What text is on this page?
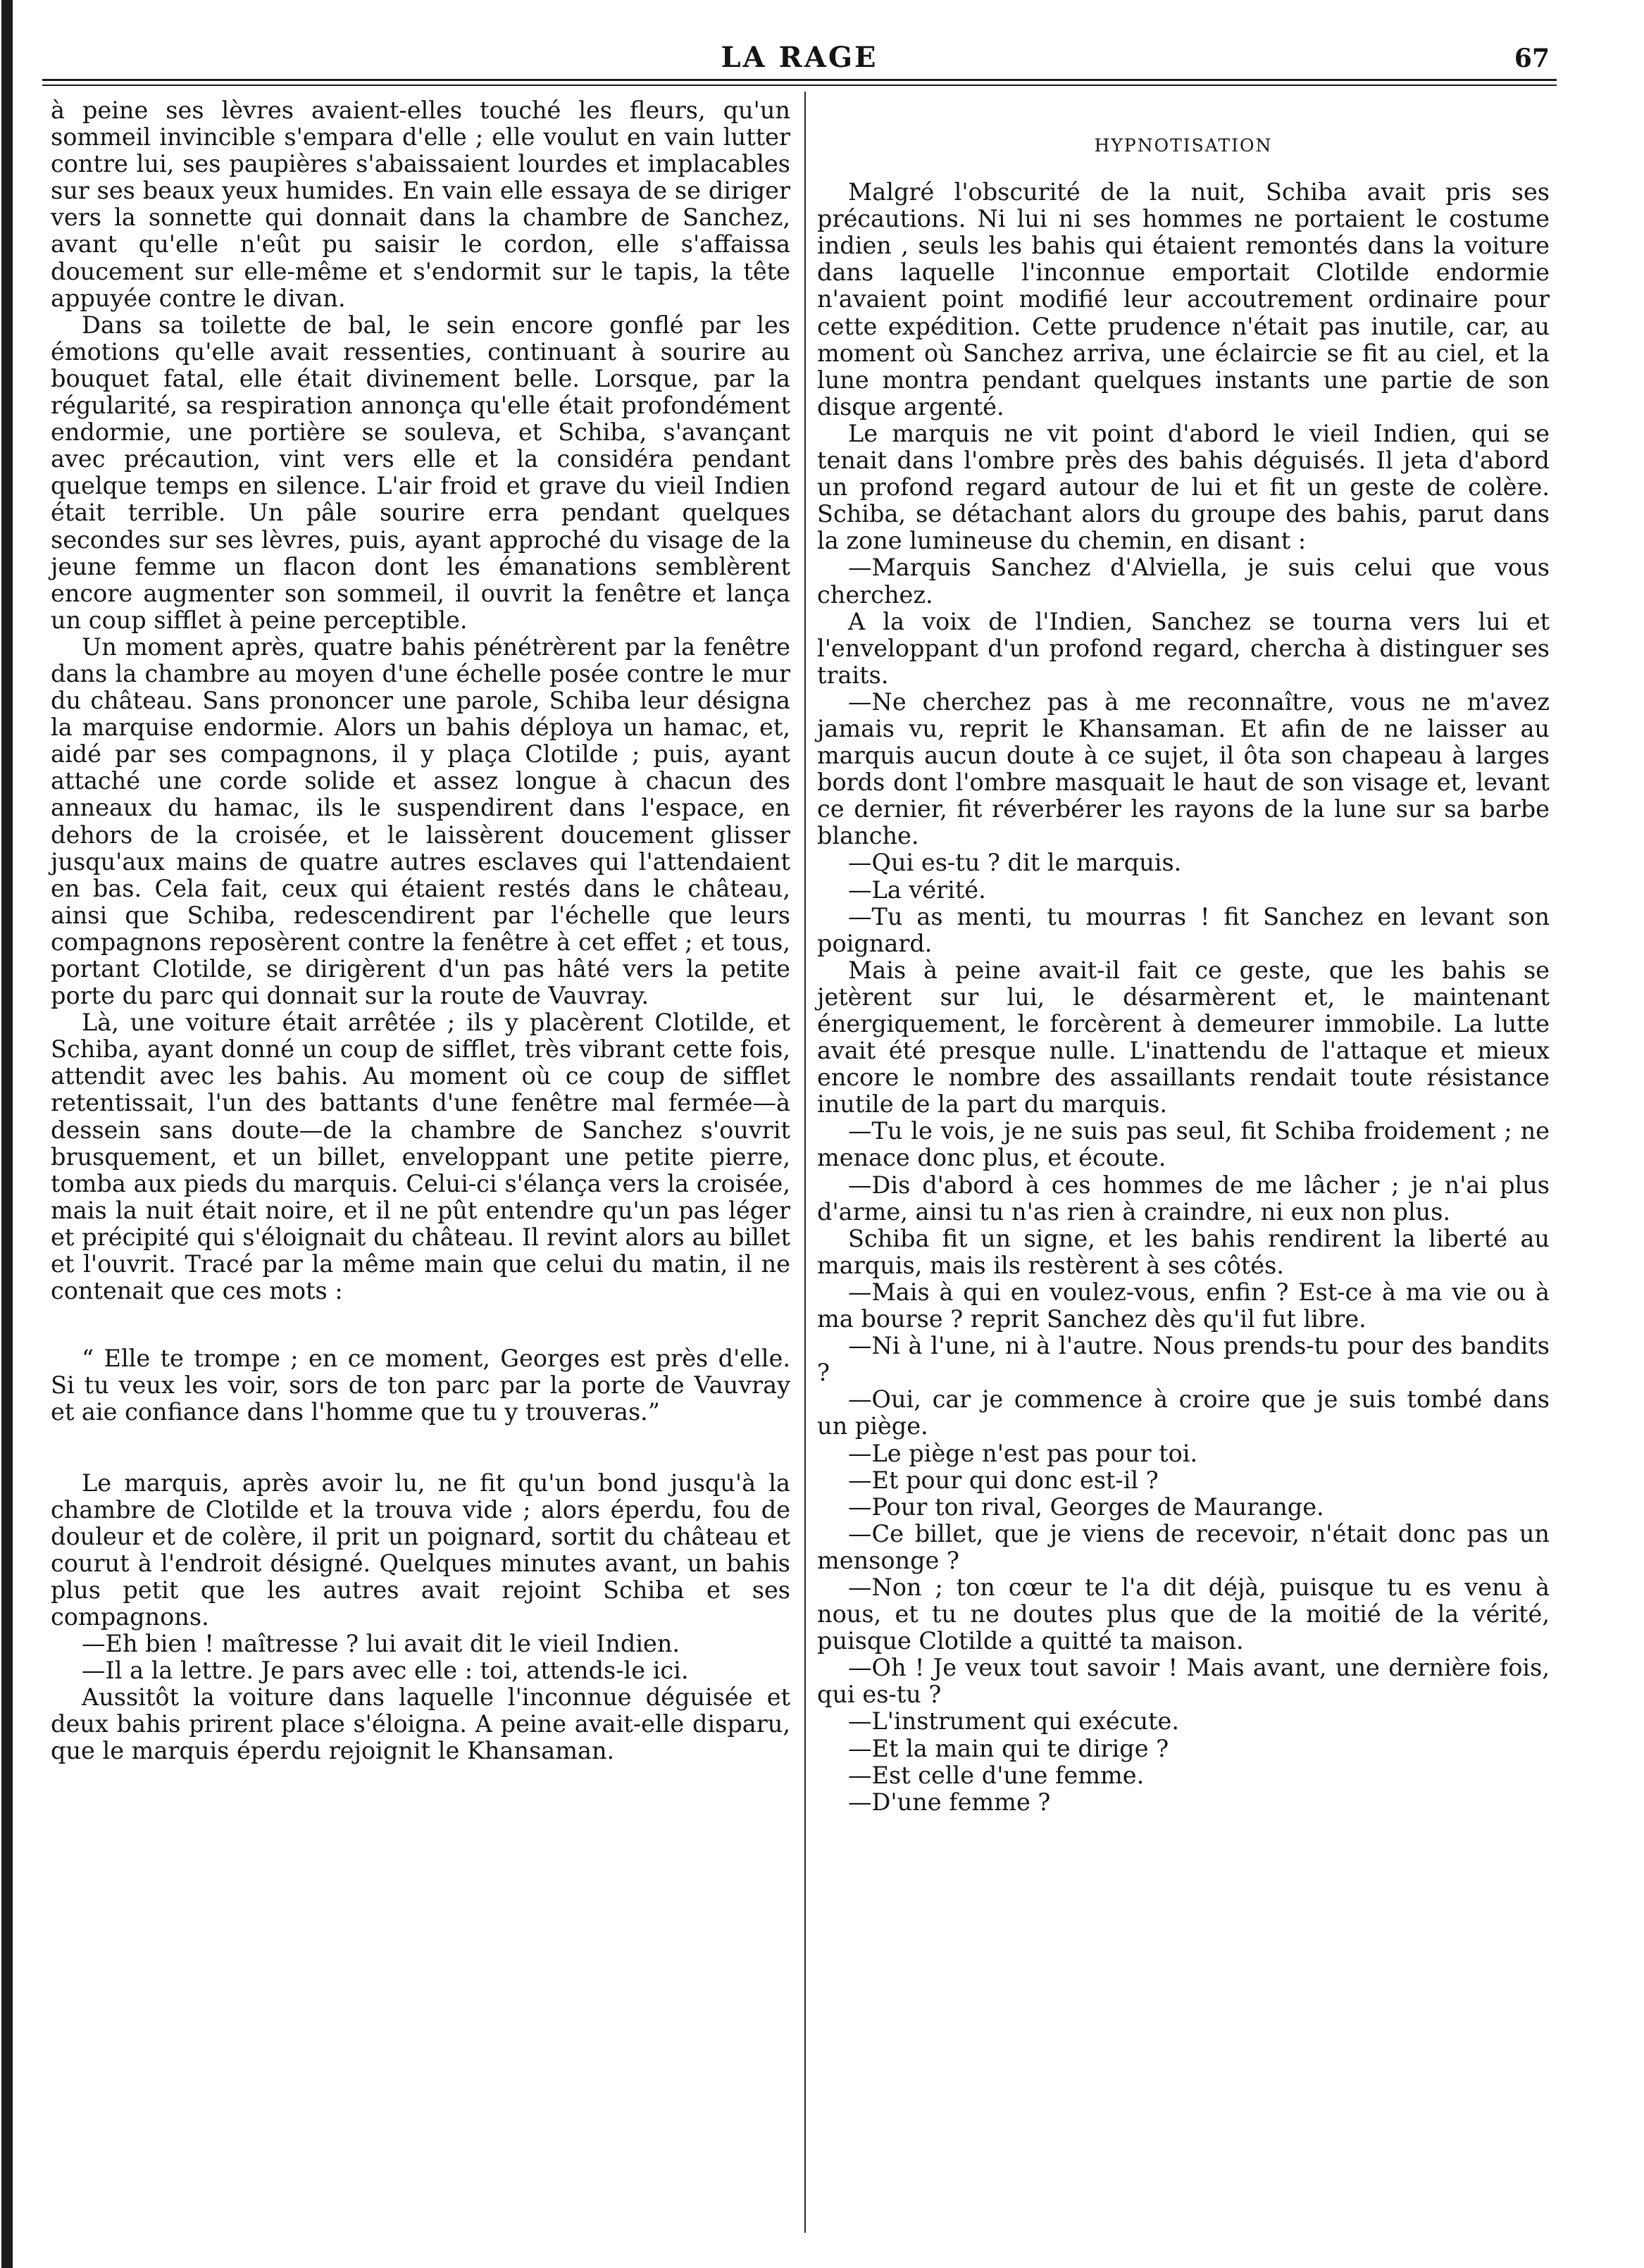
LA RAGE	67

à peine ses lèvres avaient-elles touché les fleurs, qu'un sommeil invincible s'empara d'elle ; elle voulut en vain lutter contre lui, ses paupières s'abaissaient lourdes et implacables sur ses beaux yeux humides. En vain elle essaya de se diriger vers la sonnette qui donnait dans la chambre de Sanchez, avant qu'elle n'eût pu saisir le cordon, elle s'affaissa doucement sur elle-même et s'endormit sur le tapis, la tête appuyée contre le divan.

Dans sa toilette de bal, le sein encore gonflé par les émotions qu'elle avait ressenties, continuant à sourire au bouquet fatal, elle était divinement belle. Lorsque, par la régularité, sa respiration annonça qu'elle était profondément endormie, une portière se souleva, et Schiba, s'avançant avec précaution, vint vers elle et la considéra pendant quelque temps en silence. L'air froid et grave du vieil Indien était terrible. Un pâle sourire erra pendant quelques secondes sur ses lèvres, puis, ayant approché du visage de la jeune femme un flacon dont les émanations semblèrent encore augmenter son sommeil, il ouvrit la fenêtre et lança un coup sifflet à peine perceptible.

Un moment après, quatre bahis pénétrèrent par la fenêtre dans la chambre au moyen d'une échelle posée contre le mur du château. Sans prononcer une parole, Schiba leur désigna la marquise endormie. Alors un bahis déploya un hamac, et, aidé par ses compagnons, il y plaça Clotilde ; puis, ayant attaché une corde solide et assez longue à chacun des anneaux du hamac, ils le suspendirent dans l'espace, en dehors de la croisée, et le laissèrent doucement glisser jusqu'aux mains de quatre autres esclaves qui l'attendaient en bas. Cela fait, ceux qui étaient restés dans le château, ainsi que Schiba, redescendirent par l'échelle que leurs compagnons reposèrent contre la fenêtre à cet effet ; et tous, portant Clotilde, se dirigèrent d'un pas hâté vers la petite porte du parc qui donnait sur la route de Vauvray.

Là, une voiture était arrêtée ; ils y placèrent Clotilde, et Schiba, ayant donné un coup de sifflet, très vibrant cette fois, attendit avec les bahis. Au moment où ce coup de sifflet retentissait, l'un des battants d'une fenêtre mal fermée—à dessein sans doute—de la chambre de Sanchez s'ouvrit brusquement, et un billet, enveloppant une petite pierre, tomba aux pieds du marquis. Celui-ci s'élança vers la croisée, mais la nuit était noire, et il ne pût entendre qu'un pas léger et précipité qui s'éloignait du château. Il revint alors au billet et l'ouvrit. Tracé par la même main que celui du matin, il ne contenait que ces mots :

“ Elle te trompe ; en ce moment, Georges est près d'elle. Si tu veux les voir, sors de ton parc par la porte de Vauvray et aie confiance dans l'homme que tu y trouveras.”

Le marquis, après avoir lu, ne fit qu'un bond jusqu'à la chambre de Clotilde et la trouva vide ; alors éperdu, fou de douleur et de colère, il prit un poignard, sortit du château et courut à l'endroit désigné. Quelques minutes avant, un bahis plus petit que les autres avait rejoint Schiba et ses compagnons.

—Eh bien ! maîtresse ? lui avait dit le vieil Indien.

—Il a la lettre. Je pars avec elle : toi, attends-le ici.

Aussitôt la voiture dans laquelle l'inconnue déguisée et deux bahis prirent place s'éloigna. A peine avait-elle disparu, que le marquis éperdu rejoignit le Khansaman.

HYPNOTISATION

Malgré l'obscurité de la nuit, Schiba avait pris ses précautions. Ni lui ni ses hommes ne portaient le costume indien , seuls les bahis qui étaient remontés dans la voiture dans laquelle l'inconnue emportait Clotilde endormie n'avaient point modifié leur accoutrement ordinaire pour cette expédition. Cette prudence n'était pas inutile, car, au moment où Sanchez arriva, une éclaircie se fit au ciel, et la lune montra pendant quelques instants une partie de son disque argenté.

Le marquis ne vit point d'abord le vieil Indien, qui se tenait dans l'ombre près des bahis déguisés. Il jeta d'abord un profond regard autour de lui et fit un geste de colère. Schiba, se détachant alors du groupe des bahis, parut dans la zone lumineuse du chemin, en disant :

—Marquis Sanchez d'Alviella, je suis celui que vous cherchez.

A la voix de l'Indien, Sanchez se tourna vers lui et l'enveloppant d'un profond regard, chercha à distinguer ses traits.

—Ne cherchez pas à me reconnaître, vous ne m'avez jamais vu, reprit le Khansaman. Et afin de ne laisser au marquis aucun doute à ce sujet, il ôta son chapeau à larges bords dont l'ombre masquait le haut de son visage et, levant ce dernier, fit réverbérer les rayons de la lune sur sa barbe blanche.

—Qui es-tu ? dit le marquis.

—La vérité.

—Tu as menti, tu mourras ! fit Sanchez en levant son poignard.

Mais à peine avait-il fait ce geste, que les bahis se jetèrent sur lui, le désarmèrent et, le maintenant énergiquement, le forcèrent à demeurer immobile. La lutte avait été presque nulle. L'inattendu de l'attaque et mieux encore le nombre des assaillants rendait toute résistance inutile de la part du marquis.

—Tu le vois, je ne suis pas seul, fit Schiba froidement ; ne menace donc plus, et écoute.

—Dis d'abord à ces hommes de me lâcher ; je n'ai plus d'arme, ainsi tu n'as rien à craindre, ni eux non plus.

Schiba fit un signe, et les bahis rendirent la liberté au marquis, mais ils restèrent à ses côtés.

—Mais à qui en voulez-vous, enfin ? Est-ce à ma vie ou à ma bourse ? reprit Sanchez dès qu'il fut libre.

—Ni à l'une, ni à l'autre. Nous prends-tu pour des bandits ?

—Oui, car je commence à croire que je suis tombé dans un piège.

—Le piège n'est pas pour toi.

—Et pour qui donc est-il ?

—Pour ton rival, Georges de Maurange.

—Ce billet, que je viens de recevoir, n'était donc pas un mensonge ?

—Non ; ton cœur te l'a dit déjà, puisque tu es venu à nous, et tu ne doutes plus que de la moitié de la vérité, puisque Clotilde a quitté ta maison.

—Oh ! Je veux tout savoir ! Mais avant, une dernière fois, qui es-tu ?

—L'instrument qui exécute.

—Et la main qui te dirige ?

—Est celle d'une femme.

—D'une femme ?
